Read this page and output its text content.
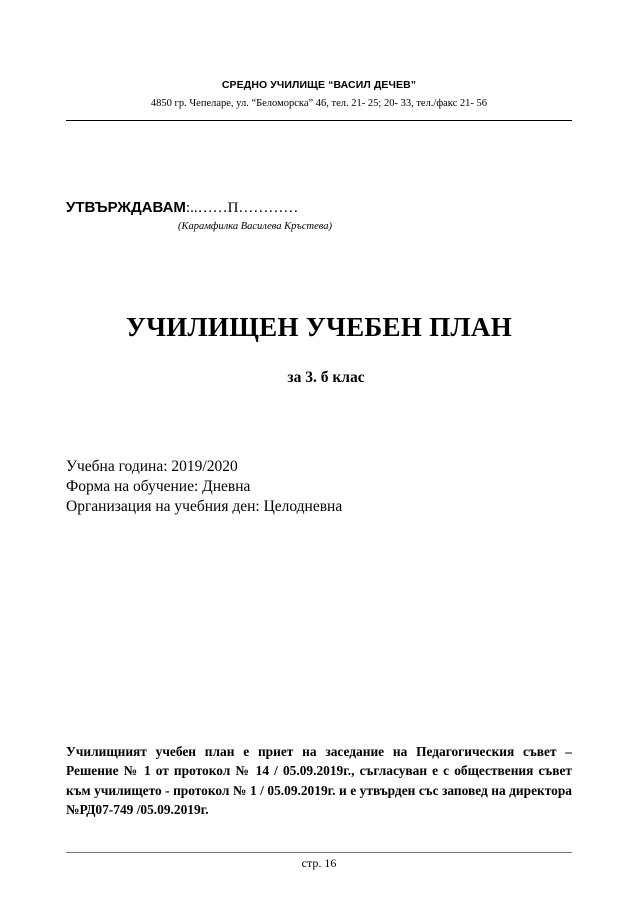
СРЕДНО УЧИЛИЩЕ “ВАСИЛ ДЕЧЕВ”
4850 гр. Чепеларе, ул. “Беломорска” 46, тел. 21- 25; 20- 33, тел./факс 21- 56
УТВЪРЖДАВАМ:..……П…………
(Карамфилка Василева Кръстева)
УЧИЛИЩЕН УЧЕБЕН ПЛАН
за 3. б клас
Учебна година: 2019/2020
Форма на обучение: Дневна
Организация на учебния ден: Целодневна
Училищният учебен план е приет на заседание на Педагогическия съвет – Решение № 1 от протокол № 14 / 05.09.2019г., съгласуван е с обществения съвет към училището - протокол № 1 / 05.09.2019г. и е утвърден със заповед на директора №РД07-749 /05.09.2019г.
стр. 16
